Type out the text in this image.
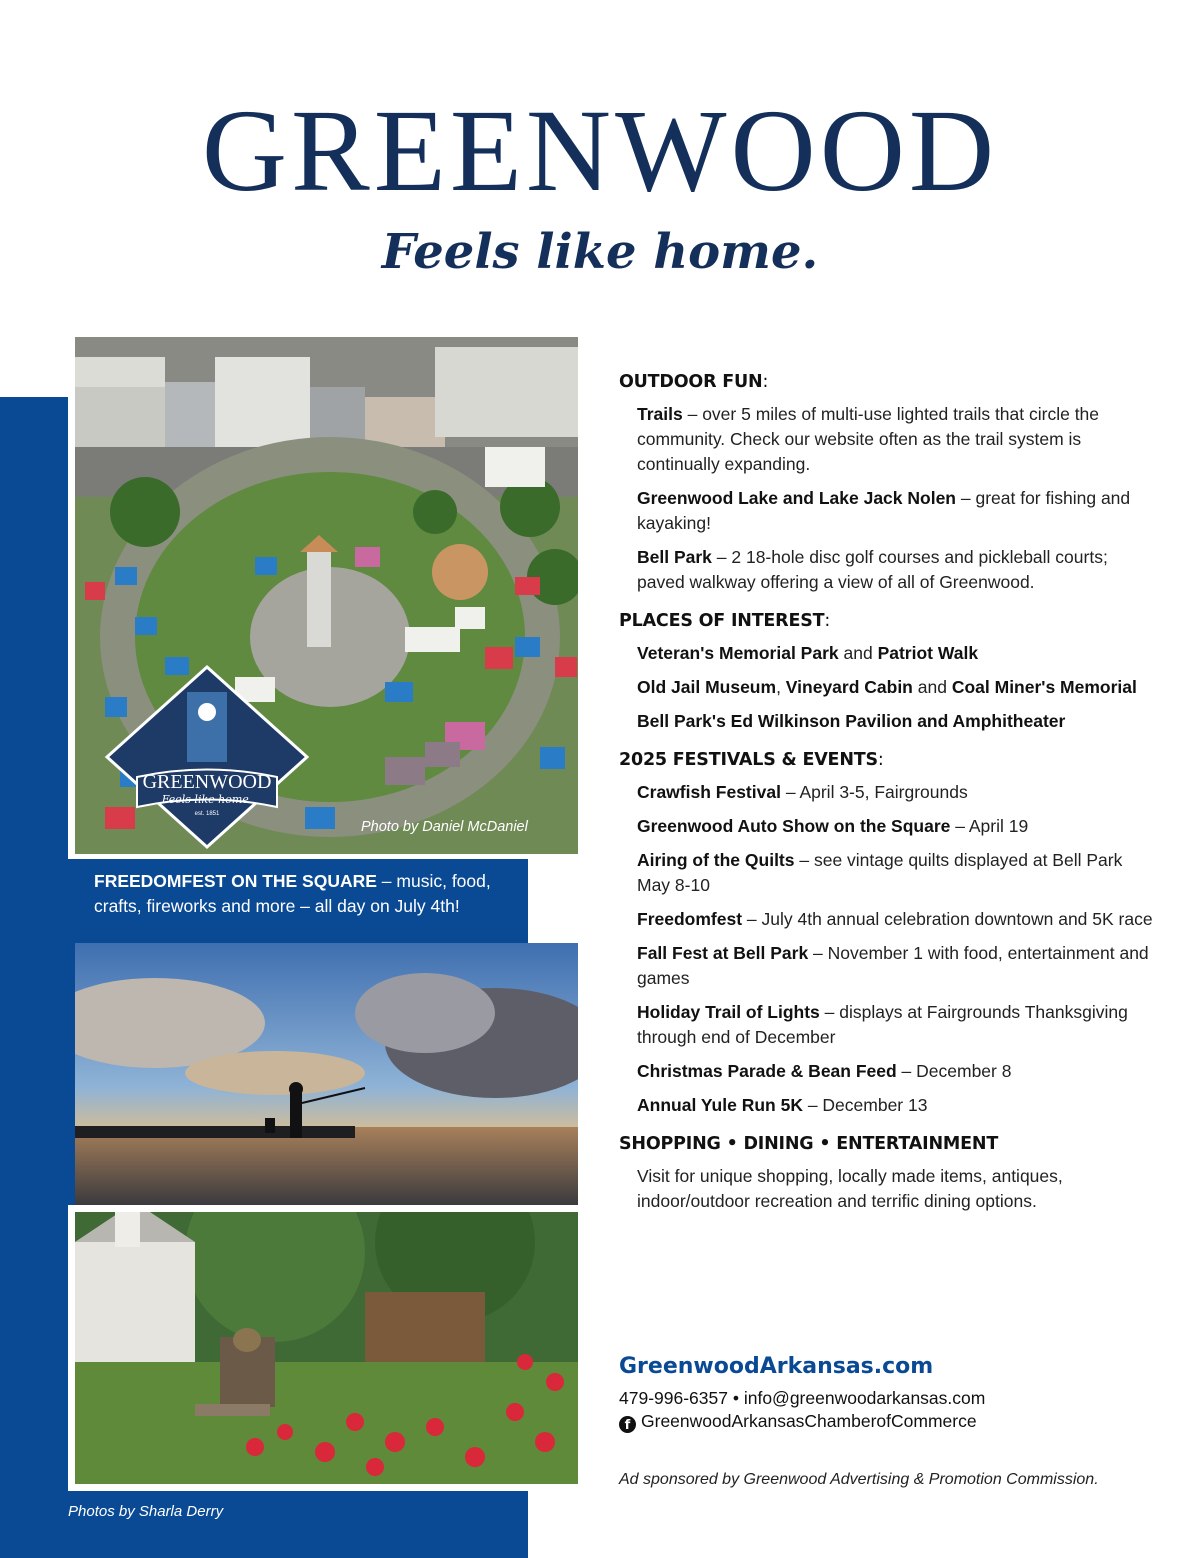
GREENWOOD
Feels like home.
GREENWOOD
Feels like home.
est. 1851
Photo by Daniel McDaniel
FREEDOMFEST ON THE SQUARE – music, food, crafts, fireworks and more – all day on July 4th!
Photos by Sharla Derry
OUTDOOR FUN:
Trails – over 5 miles of multi-use lighted trails that circle the community. Check our website often as the trail system is continually expanding.
Greenwood Lake and Lake Jack Nolen – great for fishing and kayaking!
Bell Park – 2 18-hole disc golf courses and pickleball courts; paved walkway offering a view of all of Greenwood.
PLACES OF INTEREST:
Veteran's Memorial Park and Patriot Walk
Old Jail Museum, Vineyard Cabin and Coal Miner's Memorial
Bell Park's Ed Wilkinson Pavilion and Amphitheater
2025 FESTIVALS & EVENTS:
Crawfish Festival – April 3-5, Fairgrounds
Greenwood Auto Show on the Square – April 19
Airing of the Quilts – see vintage quilts displayed at Bell Park May 8-10
Freedomfest – July 4th annual celebration downtown and 5K race
Fall Fest at Bell Park – November 1 with food, entertainment and games
Holiday Trail of Lights – displays at Fairgrounds Thanksgiving through end of December
Christmas Parade & Bean Feed – December 8
Annual Yule Run 5K – December 13
SHOPPING • DINING • ENTERTAINMENT
Visit for unique shopping, locally made items, antiques, indoor/outdoor recreation and terrific dining options.
GreenwoodArkansas.com
479-996-6357 • info@greenwoodarkansas.com
f GreenwoodArkansasChamberofCommerce
Ad sponsored by Greenwood Advertising & Promotion Commission.
